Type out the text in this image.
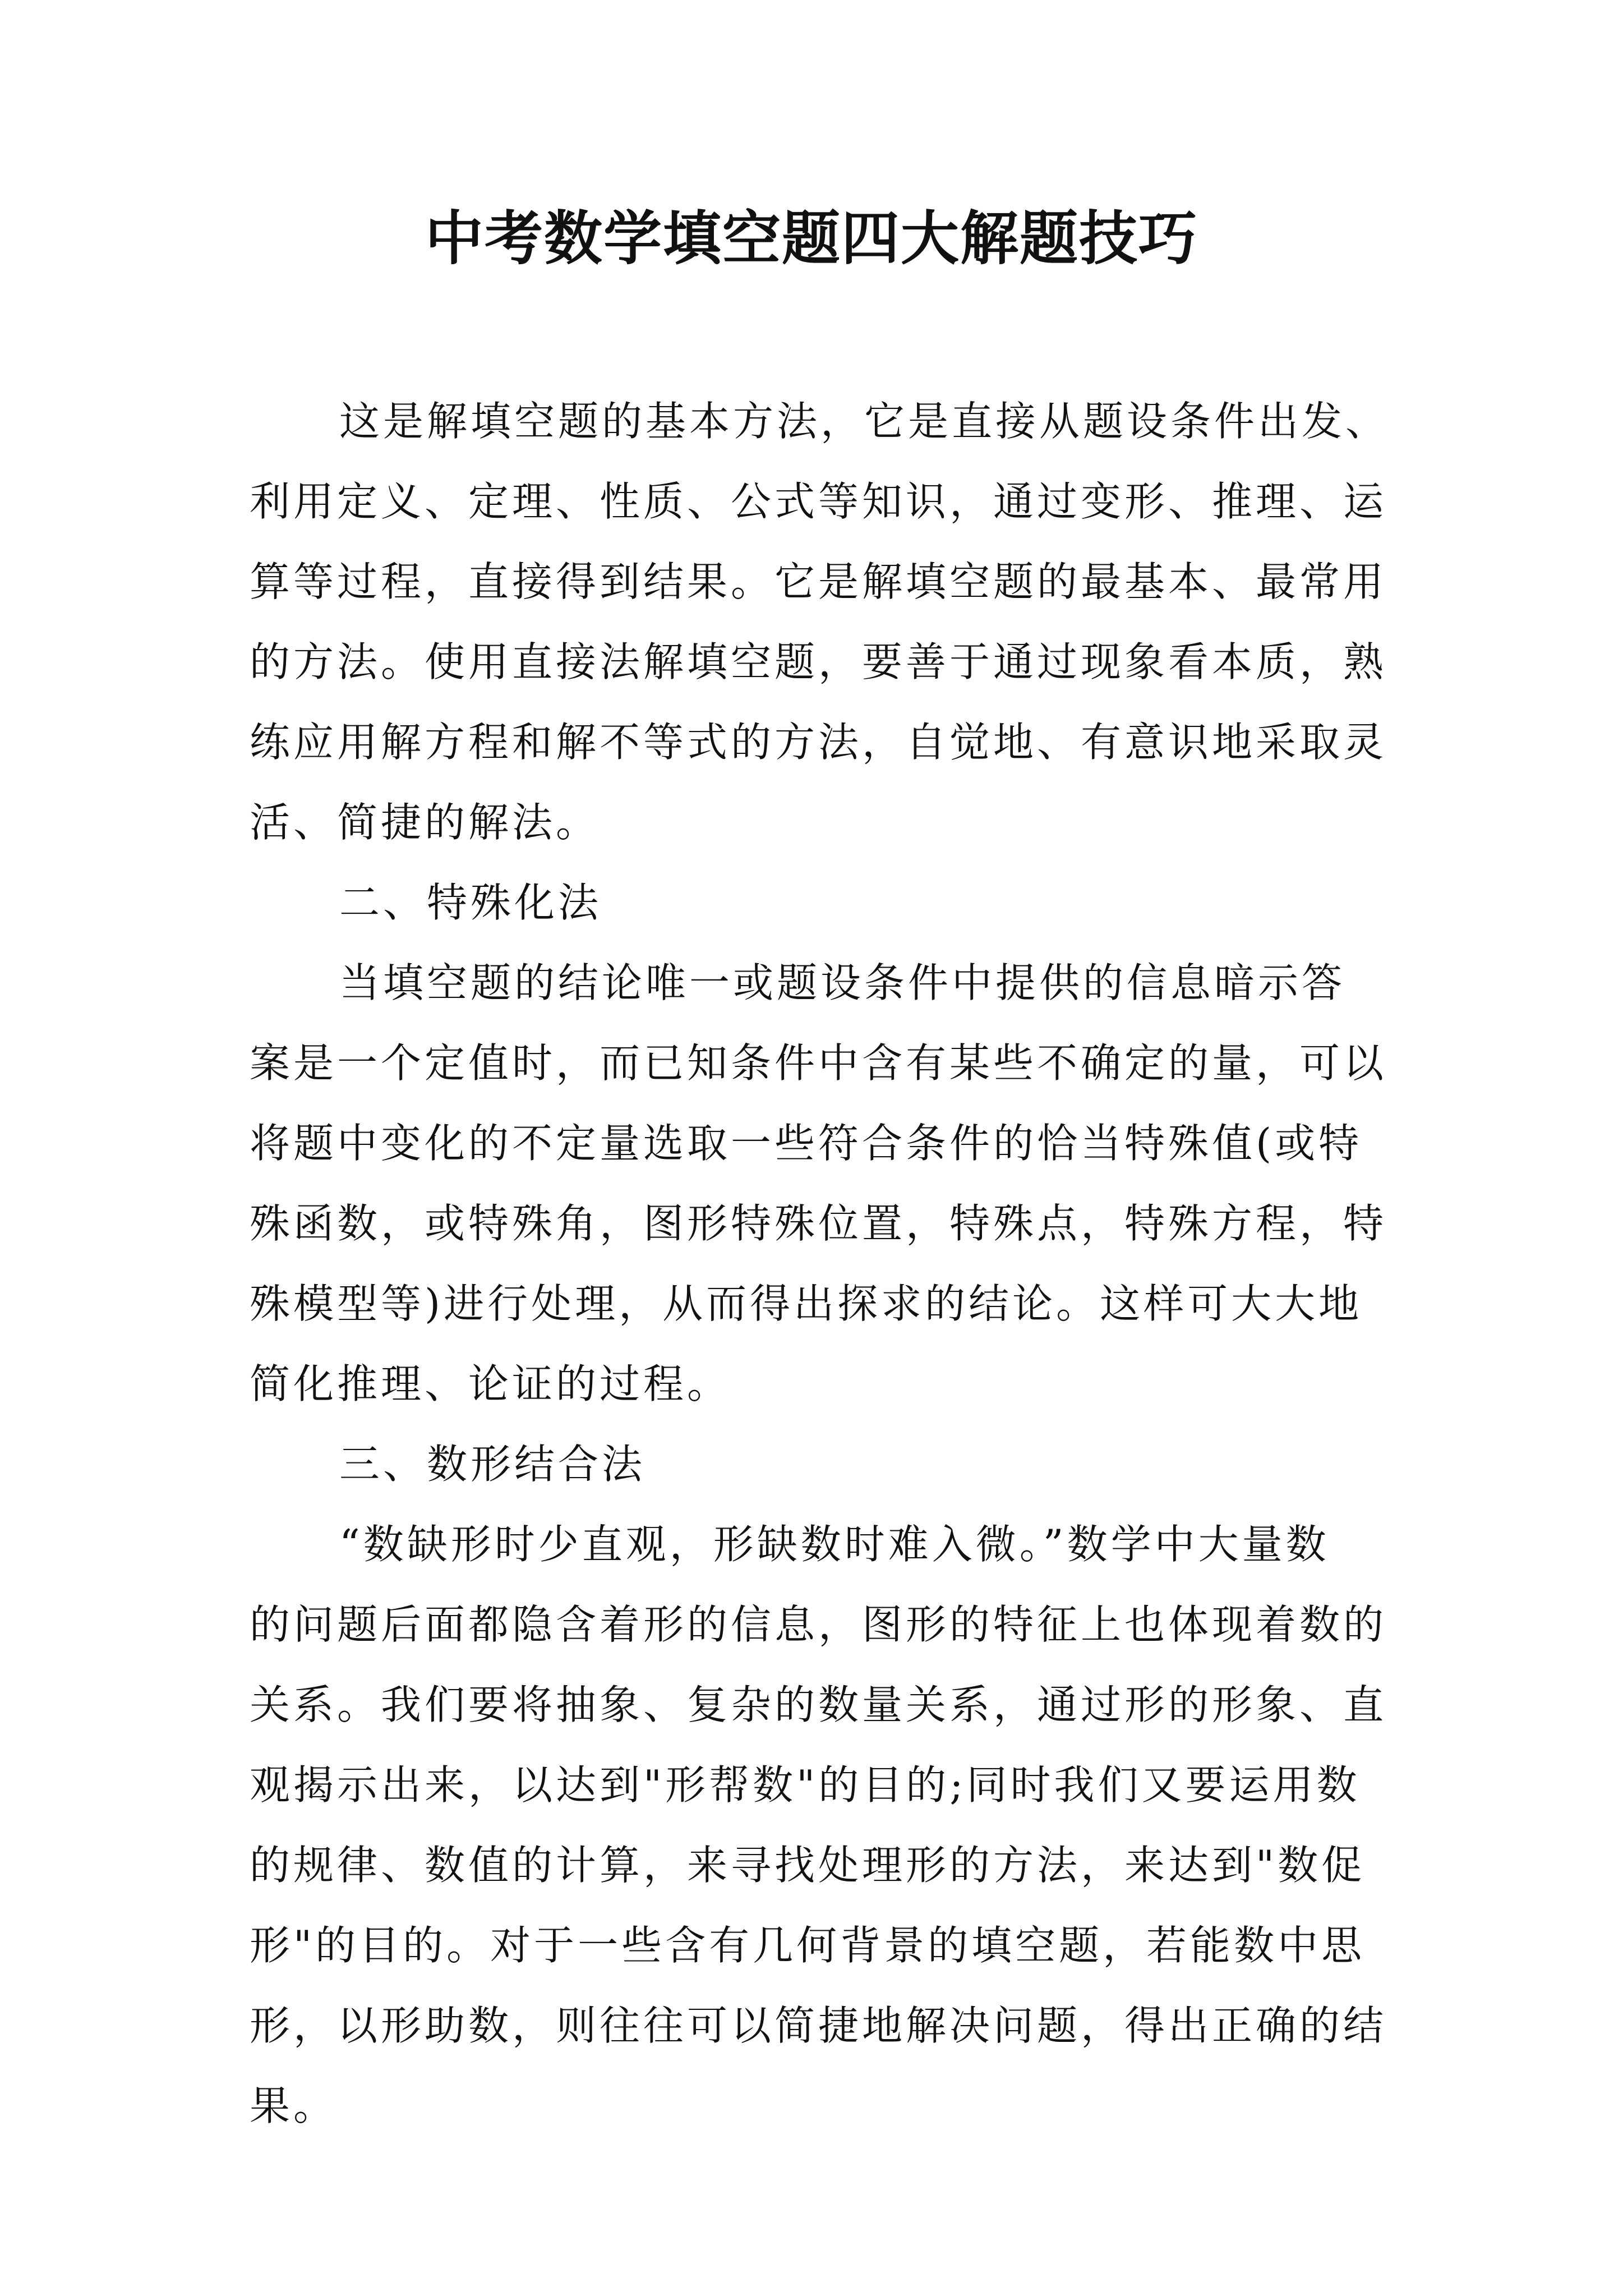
中考数学填空题四大解题技巧
这是解填空题的基本方法，它是直接从题设条件出发、
利用定义、定理、性质、公式等知识，通过变形、推理、运
算等过程，直接得到结果。它是解填空题的最基本、最常用
的方法。使用直接法解填空题，要善于通过现象看本质，熟
练应用解方程和解不等式的方法，自觉地、有意识地采取灵
活、简捷的解法。
二、特殊化法
当填空题的结论唯一或题设条件中提供的信息暗示答
案是一个定值时，而已知条件中含有某些不确定的量，可以
将题中变化的不定量选取一些符合条件的恰当特殊值(或特
殊函数，或特殊角，图形特殊位置，特殊点，特殊方程，特
殊模型等)进行处理，从而得出探求的结论。这样可大大地
简化推理、论证的过程。
三、数形结合法
“数缺形时少直观，形缺数时难入微。”数学中大量数
的问题后面都隐含着形的信息，图形的特征上也体现着数的
关系。我们要将抽象、复杂的数量关系，通过形的形象、直
观揭示出来，以达到"形帮数"的目的;同时我们又要运用数
的规律、数值的计算，来寻找处理形的方法，来达到"数促
形"的目的。对于一些含有几何背景的填空题，若能数中思
形，以形助数，则往往可以简捷地解决问题，得出正确的结
果。
